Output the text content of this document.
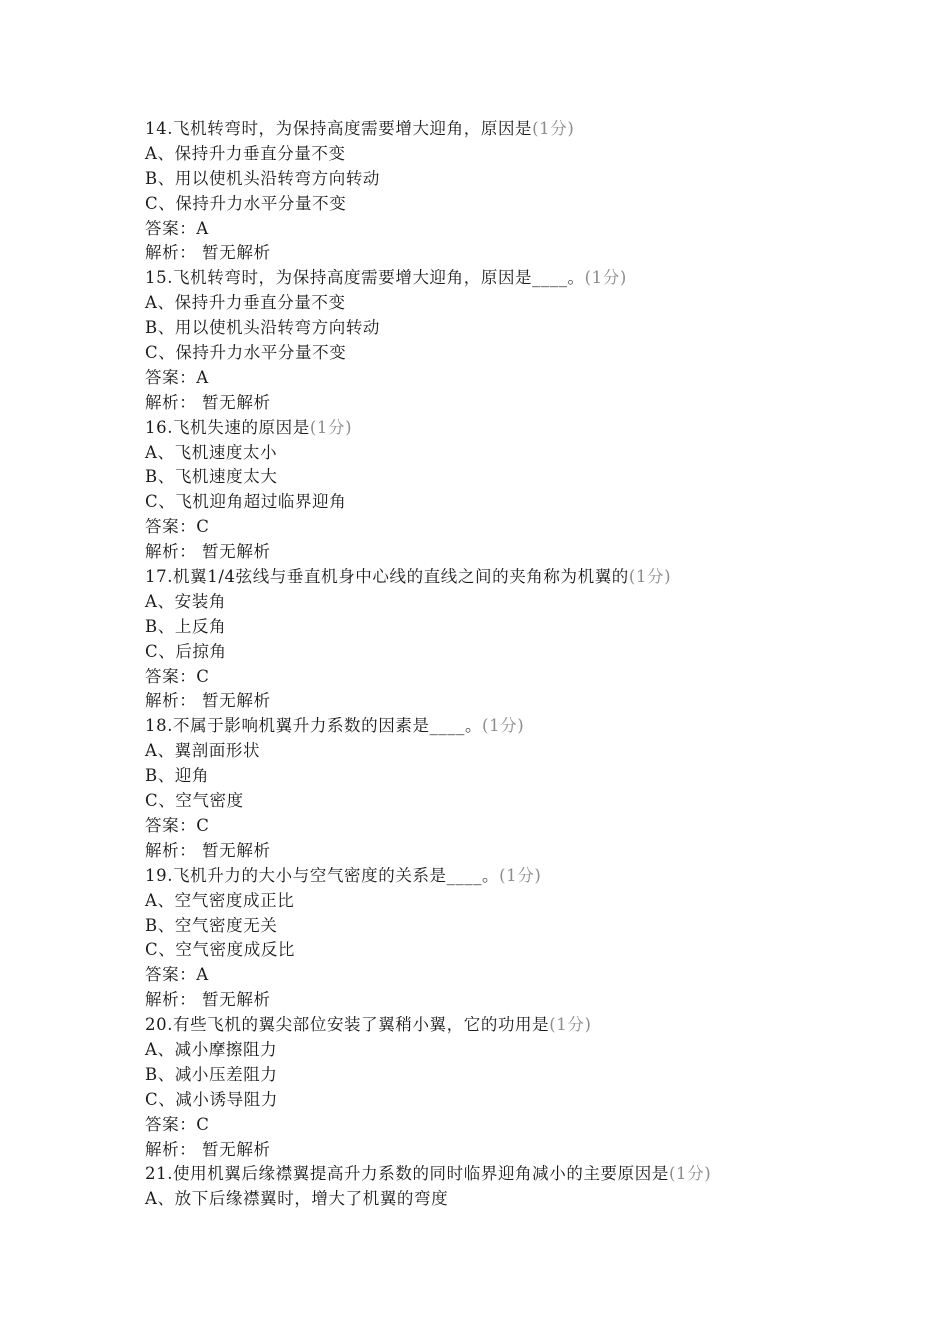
14.飞机转弯时，为保持高度需要增大迎角，原因是(1分)
A、保持升力垂直分量不变
B、用以使机头沿转弯方向转动
C、保持升力水平分量不变
答案：A
解析： 暂无解析
15.飞机转弯时，为保持高度需要增大迎角，原因是____。(1分)
A、保持升力垂直分量不变
B、用以使机头沿转弯方向转动
C、保持升力水平分量不变
答案：A
解析： 暂无解析
16.飞机失速的原因是(1分)
A、飞机速度太小
B、飞机速度太大
C、飞机迎角超过临界迎角
答案：C
解析： 暂无解析
17.机翼1/4弦线与垂直机身中心线的直线之间的夹角称为机翼的(1分)
A、安装角
B、上反角
C、后掠角
答案：C
解析： 暂无解析
18.不属于影响机翼升力系数的因素是____。(1分)
A、翼剖面形状
B、迎角
C、空气密度
答案：C
解析： 暂无解析
19.飞机升力的大小与空气密度的关系是____。(1分)
A、空气密度成正比
B、空气密度无关
C、空气密度成反比
答案：A
解析： 暂无解析
20.有些飞机的翼尖部位安装了翼稍小翼，它的功用是(1分)
A、减小摩擦阻力
B、减小压差阻力
C、减小诱导阻力
答案：C
解析： 暂无解析
21.使用机翼后缘襟翼提高升力系数的同时临界迎角减小的主要原因是(1分)
A、放下后缘襟翼时，增大了机翼的弯度
